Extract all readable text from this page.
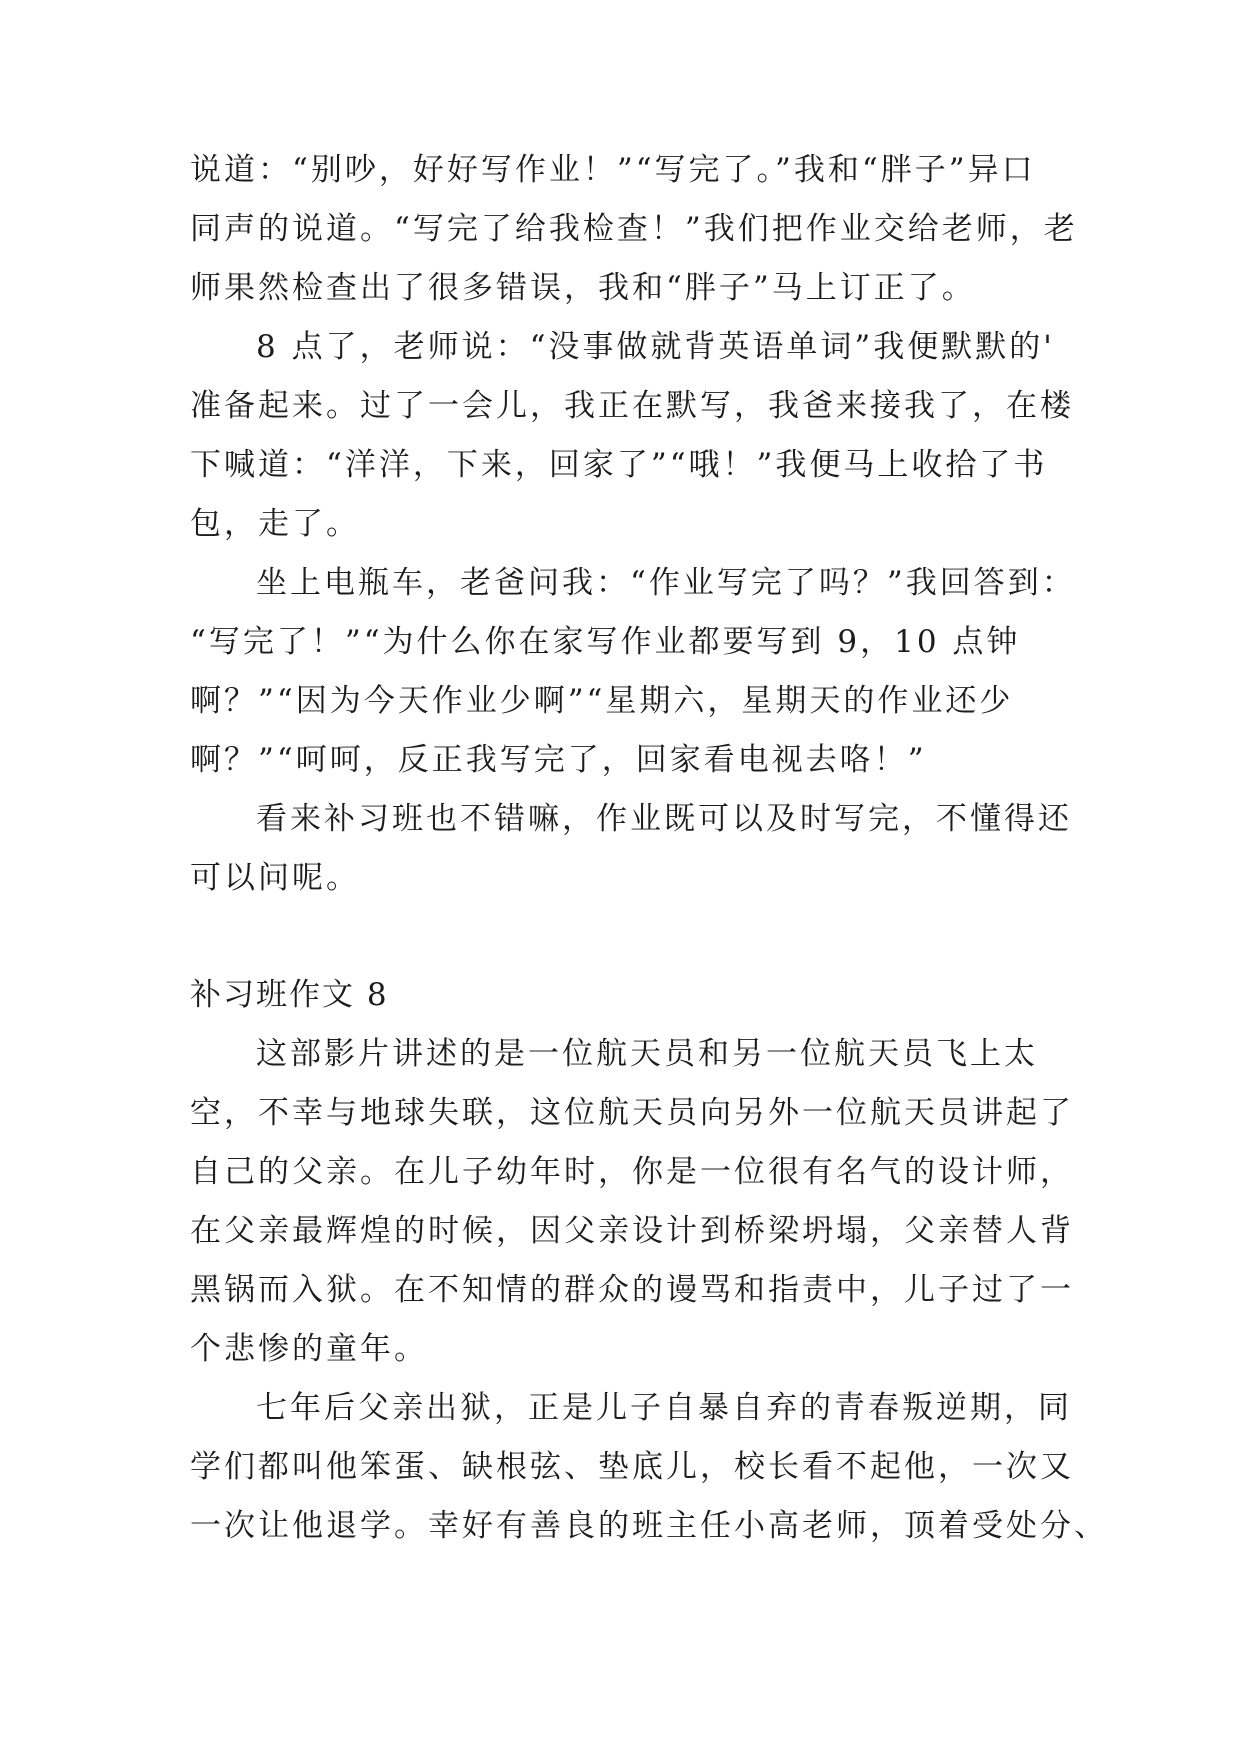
说道：“别吵，好好写作业！”“写完了。”我和“胖子”异口
同声的说道。“写完了给我检查！”我们把作业交给老师，老
师果然检查出了很多错误，我和“胖子”马上订正了。
8 点了，老师说：“没事做就背英语单词”我便默默的'
准备起来。过了一会儿，我正在默写，我爸来接我了，在楼
下喊道：“洋洋，下来，回家了”“哦！”我便马上收拾了书
包，走了。
坐上电瓶车，老爸问我：“作业写完了吗？”我回答到：
“写完了！”“为什么你在家写作业都要写到 9，10 点钟
啊？”“因为今天作业少啊”“星期六，星期天的作业还少
啊？”“呵呵，反正我写完了，回家看电视去咯！”
看来补习班也不错嘛，作业既可以及时写完，不懂得还
可以问呢。
补习班作文 8
这部影片讲述的是一位航天员和另一位航天员飞上太
空，不幸与地球失联，这位航天员向另外一位航天员讲起了
自己的父亲。在儿子幼年时，你是一位很有名气的设计师，
在父亲最辉煌的时候，因父亲设计到桥梁坍塌，父亲替人背
黑锅而入狱。在不知情的群众的谩骂和指责中，儿子过了一
个悲惨的童年。
七年后父亲出狱，正是儿子自暴自弃的青春叛逆期，同
学们都叫他笨蛋、缺根弦、垫底儿，校长看不起他，一次又
一次让他退学。幸好有善良的班主任小高老师，顶着受处分、
